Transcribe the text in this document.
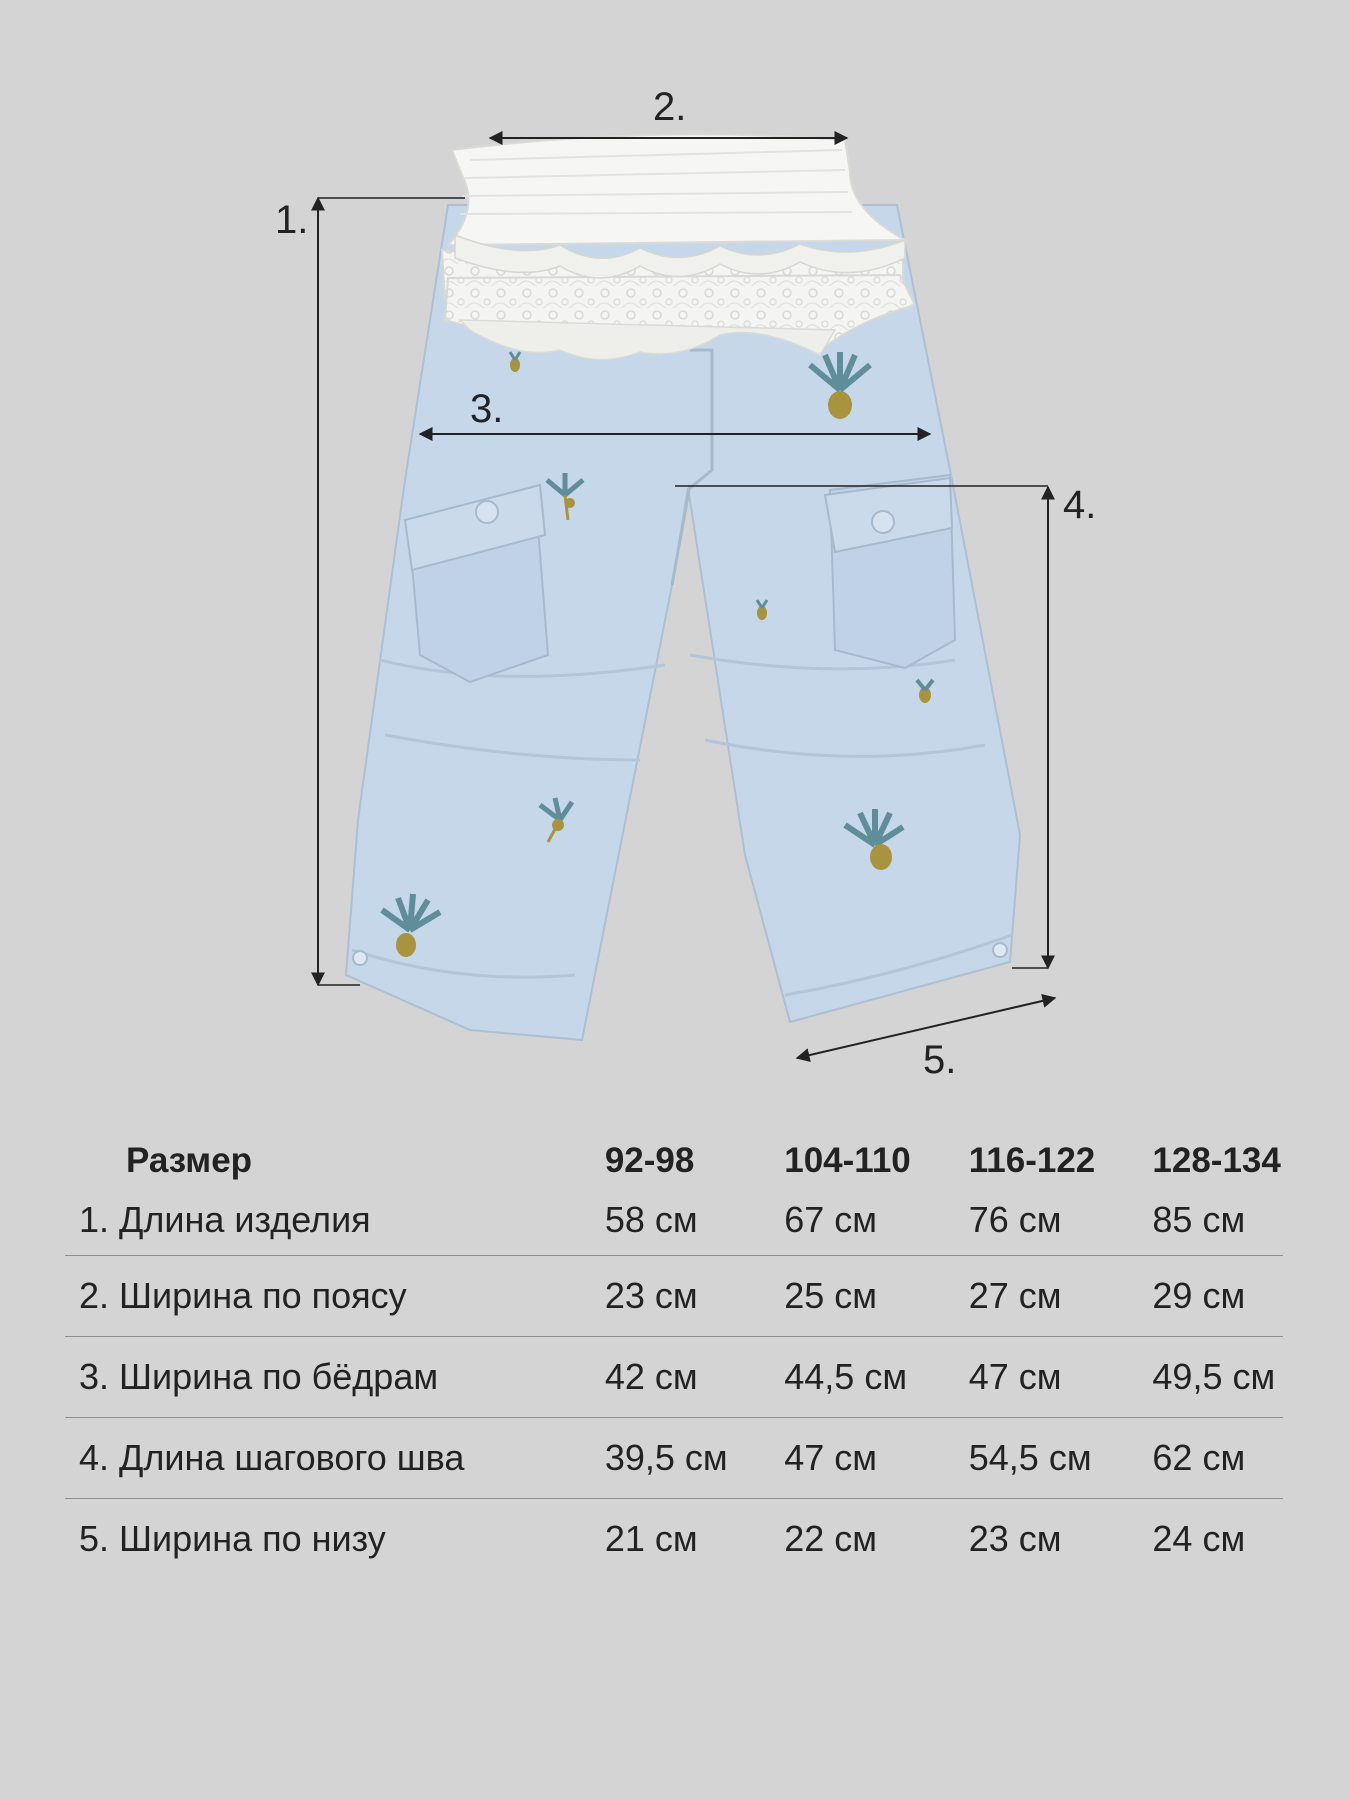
1.
2.
3.
4.
5.
Размер	92-98	104-110	116-122	128-134
1. Длина изделия	58 см	67 см	76 см	85 см
2. Ширина по поясу	23 см	25 см	27 см	29 см
3. Ширина по бёдрам	42 см	44,5 см	47 см	49,5 см
4. Длина шагового шва	39,5 см	47 см	54,5 см	62 см
5. Ширина по низу	21 см	22 см	23 см	24 см
